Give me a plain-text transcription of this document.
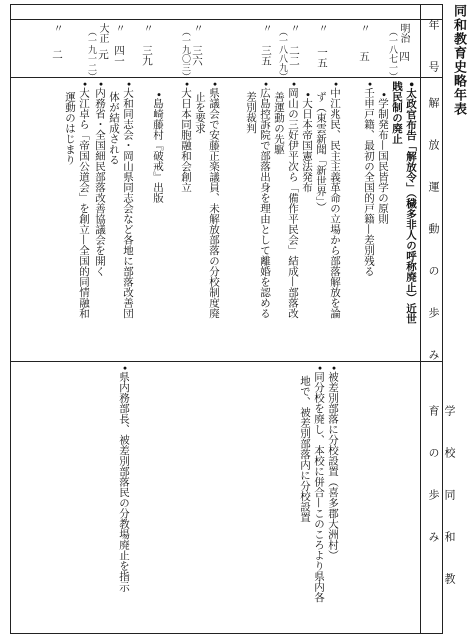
同和教育史略年表
年　号
解　放　運　動　の　歩　み
学　校　同　和　教　育　の　歩　み
明治
（一八七一） 四
〃
五
〃
一五
〃
（一八八九） 二二
〃
三五
〃
（一九〇三） 三六
〃
三九
〃
四一
大正
（一九一二） 元
〃
二
•太政官布告「解放令」（穢多非人の呼称廃止）近世
賎民制の廃止
　•学制発布—国民皆学の原則
•壬申戸籍、最初の全国的戸籍—差別残る
•中江兆民、民主主義革命の立場から部落解放を論
　ず（東雲新聞「新世界」）
　•大日本帝国憲法発布
•岡山の三好伊平次ら「備作平民会」結成—部落改
　善運動の先駆
•広島控訴院で部落出身を理由として離婚を認める
　差別裁判
•県議会で安藤正楽議員、未解放部落の分校制度廃
　止を要求
•大日本同胞融和会創立
　•島崎藤村『破戒』出版
•大和同志会・岡山県同志会など各地に部落改善団
　体が結成される
•内務省・全国細民部落改善協議会を開く
•大江卓ら「帝国公道会」を創立—全国的同情融和
　運動のはじまり
•被差別部落に分校設置（喜多郡大洲村）
•同分校を廃し、本校に併合—このころより県内各
　地で、被差別部落内に分校設置
•県内務部長、被差別部落民の分教場廃止を指示
